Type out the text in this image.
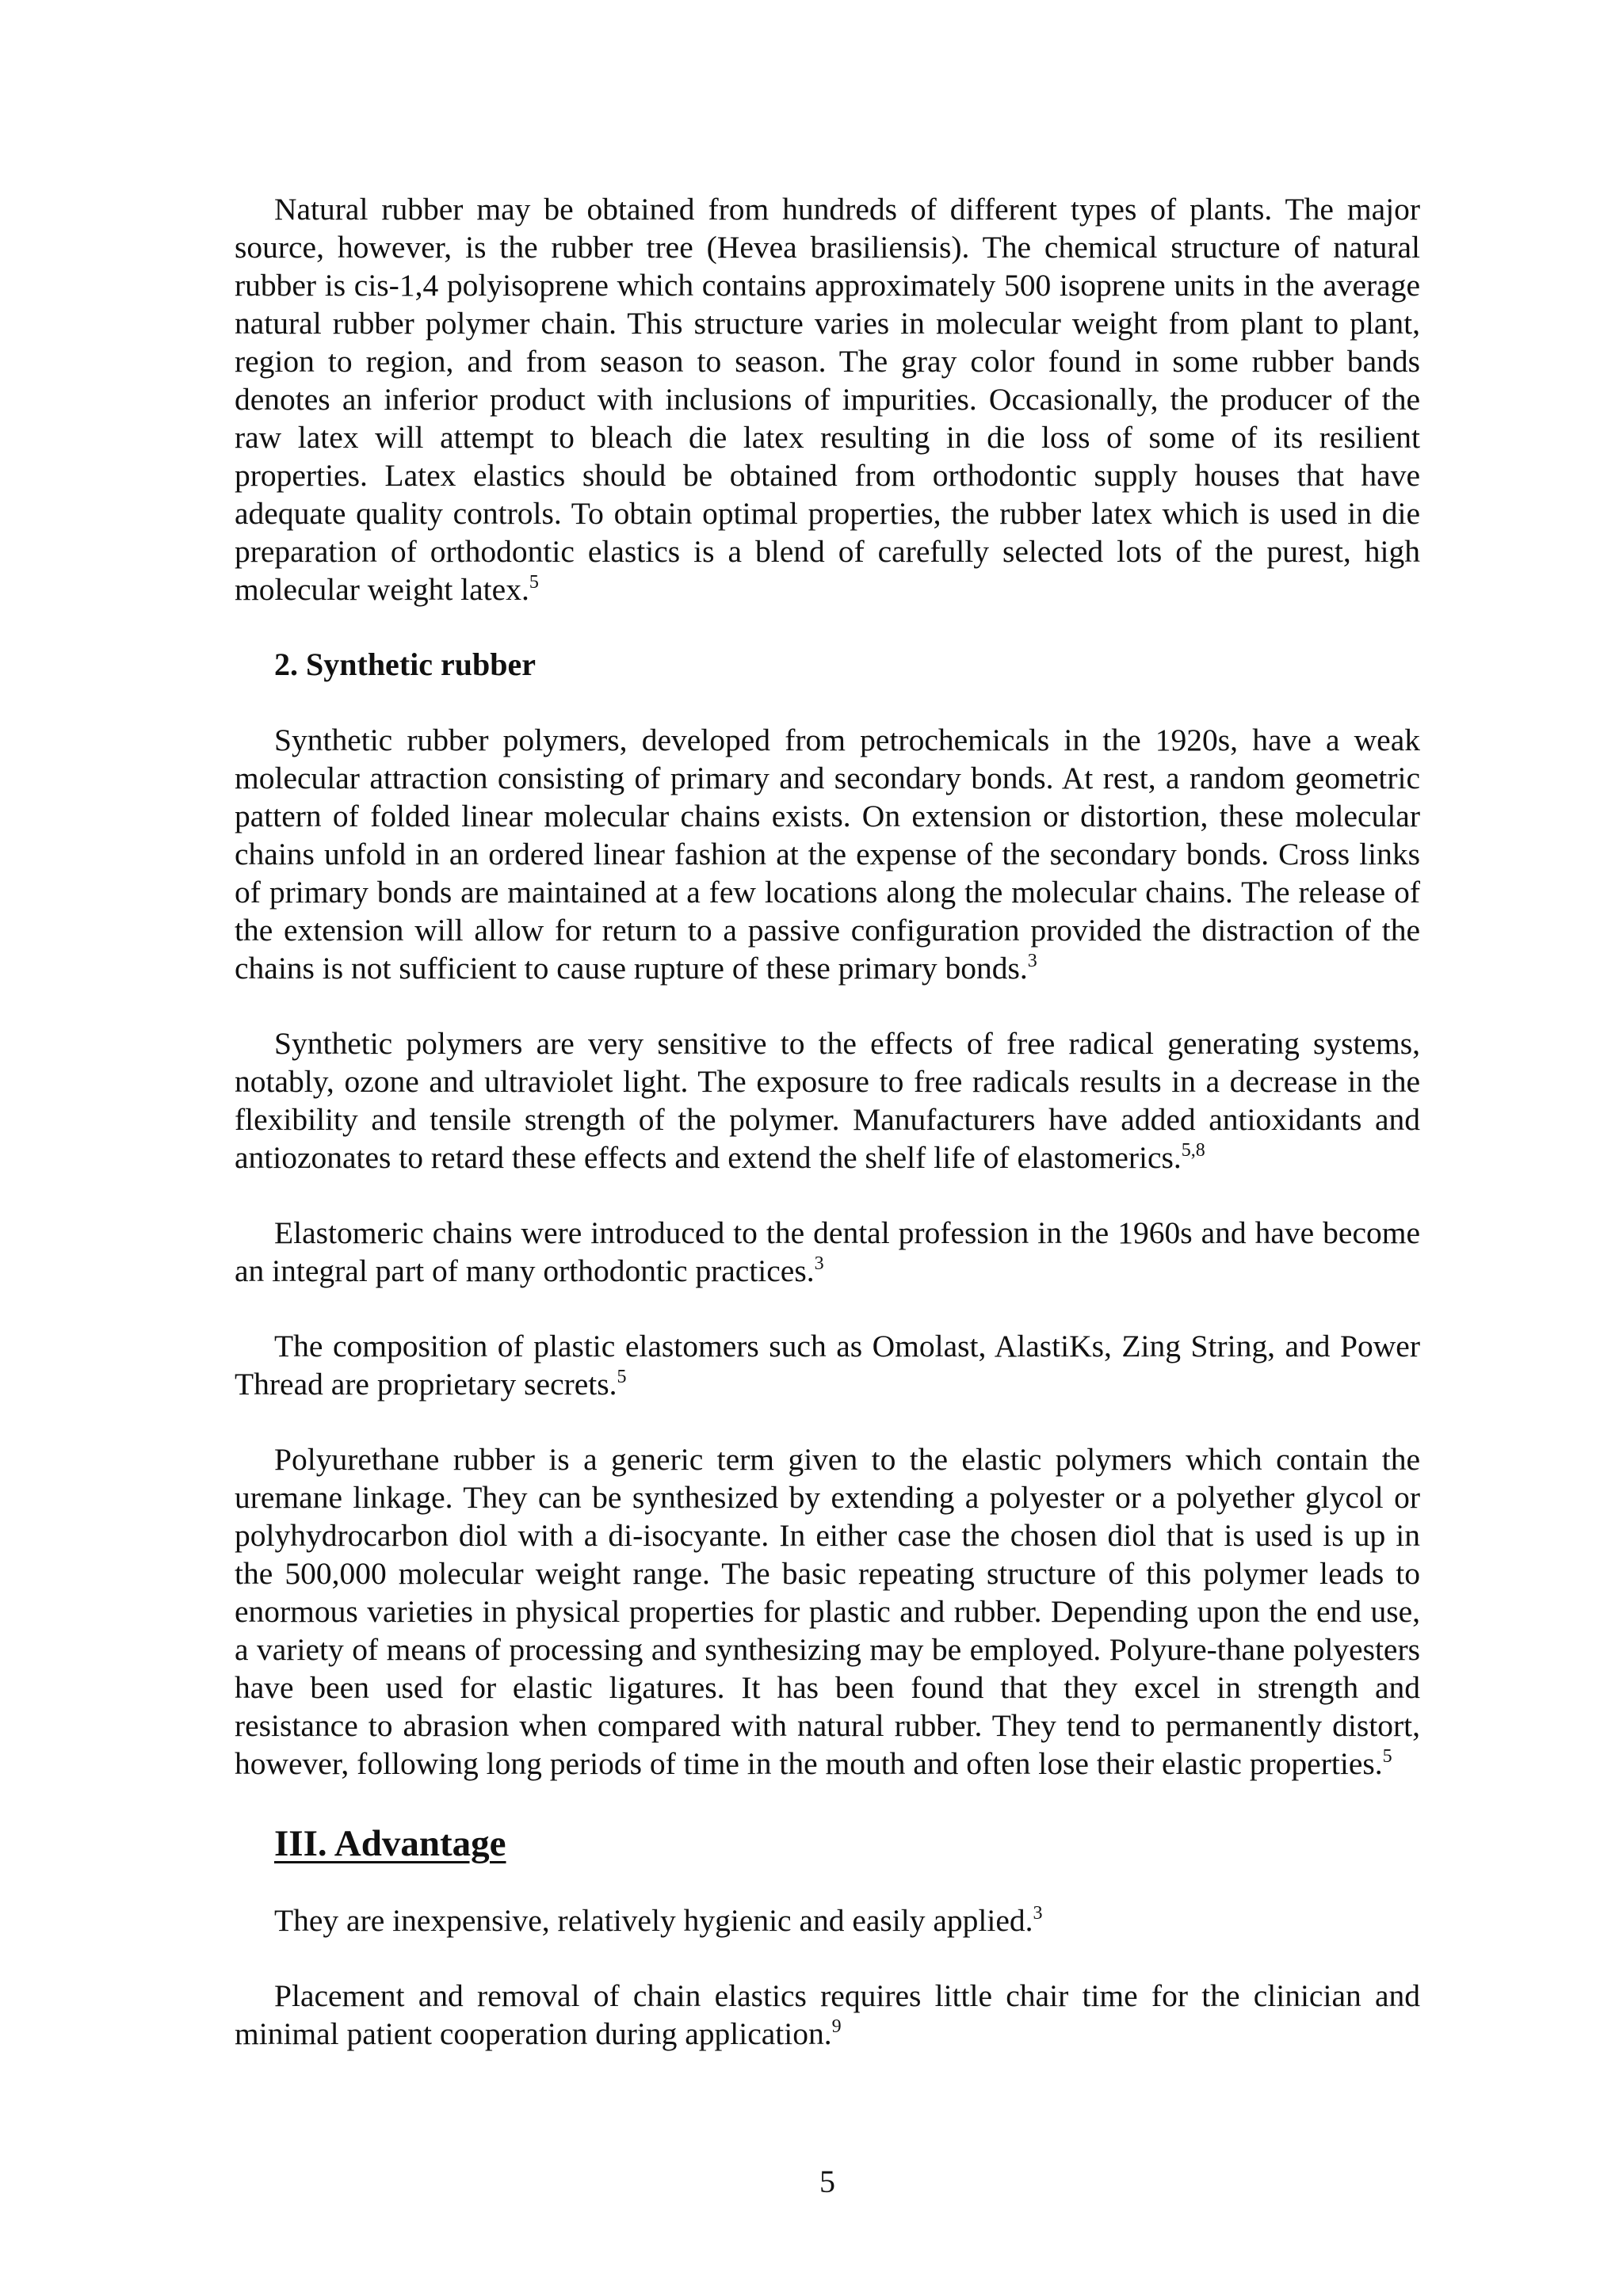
Natural rubber may be obtained from hundreds of different types of plants. The major source, however, is the rubber tree (Hevea brasiliensis). The chemical structure of natural rubber is cis-1,4 polyisoprene which contains approximately 500 isoprene units in the average natural rubber polymer chain. This structure varies in molecular weight from plant to plant, region to region, and from season to season. The gray color found in some rubber bands denotes an inferior product with inclusions of impurities. Occasionally, the producer of the raw latex will attempt to bleach die latex resulting in die loss of some of its resilient properties. Latex elastics should be obtained from orthodontic supply houses that have adequate quality controls. To obtain optimal properties, the rubber latex which is used in die preparation of orthodontic elastics is a blend of carefully selected lots of the purest, high molecular weight latex.$^5$

2. Synthetic rubber

Synthetic rubber polymers, developed from petrochemicals in the 1920s, have a weak molecular attraction consisting of primary and secondary bonds. At rest, a random geometric pattern of folded linear molecular chains exists. On extension or distortion, these molecular chains unfold in an ordered linear fashion at the expense of the secondary bonds. Cross links of primary bonds are maintained at a few locations along the molecular chains. The release of the extension will allow for return to a passive configuration provided the distraction of the chains is not sufficient to cause rupture of these primary bonds.$^3$

Synthetic polymers are very sensitive to the effects of free radical generating systems, notably, ozone and ultraviolet light. The exposure to free radicals results in a decrease in the flexibility and tensile strength of the polymer. Manufacturers have added antioxidants and antiozonates to retard these effects and extend the shelf life of elastomerics.$^{5,8}$

Elastomeric chains were introduced to the dental profession in the 1960s and have become an integral part of many orthodontic practices.$^3$

The composition of plastic elastomers such as Omolast, AlastiKs, Zing String, and Power Thread are proprietary secrets.$^5$

Polyurethane rubber is a generic term given to the elastic polymers which contain the uremane linkage. They can be synthesized by extending a polyester or a polyether glycol or polyhydrocarbon diol with a di-isocyante. In either case the chosen diol that is used is up in the 500,000 molecular weight range. The basic repeating structure of this polymer leads to enormous varieties in physical properties for plastic and rubber. Depending upon the end use, a variety of means of processing and synthesizing may be employed. Polyure-thane polyesters have been used for elastic ligatures. It has been found that they excel in strength and resistance to abrasion when compared with natural rubber. They tend to permanently distort, however, following long periods of time in the mouth and often lose their elastic properties.$^5$

III. Advantage

They are inexpensive, relatively hygienic and easily applied.$^3$

Placement and removal of chain elastics requires little chair time for the clinician and minimal patient cooperation during application.$^9$

5
